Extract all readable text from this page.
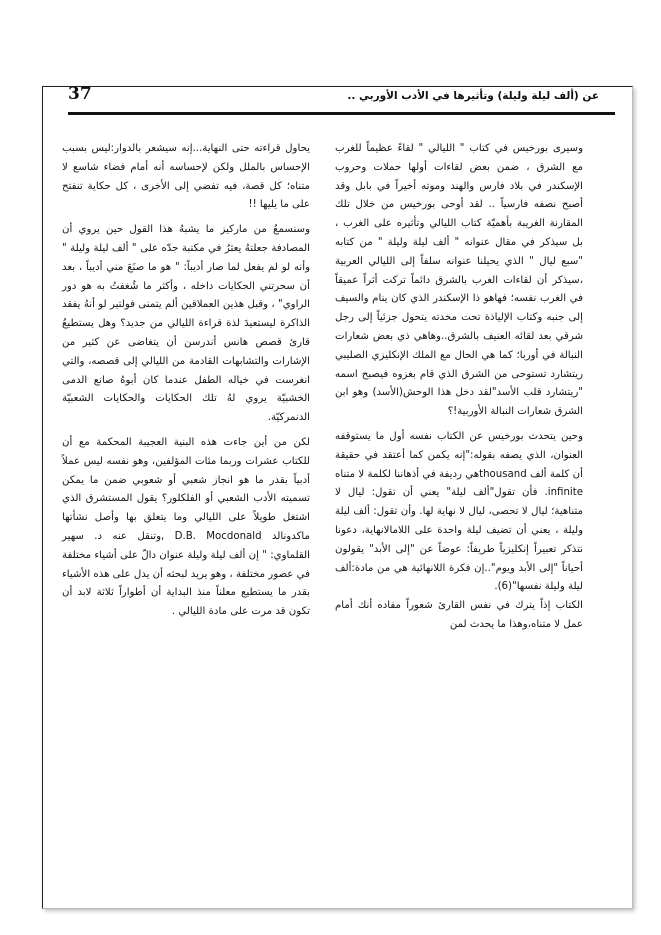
37	عن (ألف ليلة وليلة) وتأثيرها في الأدب الأوربي ..

وسيرى بورخيس في كتاب " الليالي " لقاءً عظيماً للغرب مع الشرق ، ضمن بعض لقاءات أولها حملات وحروب الإسكندر في بلاد فارس والهند وموته أخيراً في بابل وقد أصبح نصفه فارسياً .. لقد أوحى بورخيس من خلال تلك المقارنة الغريبة بأهميّة كتاب الليالي وتأثيره على الغرب ، بل سيذكر في مقال عنوانه " ألف ليلة وليلة " من كتابه "سبع ليال " الذي يحيلنا عنوانه سلفاً إلى الليالي العربية ،سيذكر أن لقاءات الغرب بالشرق دائماً تركت أثراً عميقاً في الغرب نفسه؛ فهاهو ذا الإسكندر الذي كان ينام والسيف إلى جنبه وكتاب الإلياذة تحت مخدته يتحول جزئياً إلى رجل شرقي بعد لقائه العنيف بالشرق..وهاهي ذي بعض شعارات النبالة في أوربا؛ كما هي الحال مع الملك الإنكليزي الصليبي ريتشارد تستوحى من الشرق الذي قام بغزوه فيصبح اسمه "ريتشارد قلب الأسد"لقد دخل هذا الوحش(الأسد) وهو ابن الشرق شعارات النبالة الأوربية!؟

وحين يتحدث بورخيس عن الكتاب نفسه أول ما يستوقفه العنوان، الذي يصفه بقوله:"إنه يكمن كما أعتقد في حقيقة أن كلمة ألف thousandهي رديفة في أذهاننا لكلمة لا متناه infinite. فأن تقول"ألف ليلة" يعني أن تقول: ليال لا متناهية؛ ليال لا تحصى، ليال لا نهاية لها. وأن تقول: ألف ليلة وليلة ، يعني أن تضيف ليلة واحدة على اللامالانهاية، دعونا نتذكر تعبيراً إنكليزياً طريفاً: عوضاً عن "إلى الأبد" يقولون أحياناً "إلى الأبد ويوم"..إن فكرة اللانهائية هي من مادة:ألف ليلة وليلة نفسها"(6).

الكتاب إذاً يترك في نفس القارئ شعوراً مفاده أنك أمام عمل لا متناه،وهذا ما يحدث لمن

يحاول قراءته حتى النهاية...إنه سيشعر بالدوار:ليس بسبب الإحساس بالملل ولكن لإحساسه أنه أمام فضاء شاسع لا متناه؛ كل قصة، فيه تفضي إلى الأخرى ، كل حكاية تنفتح على ما يليها !!

وسنسمعُ من ماركيز ما يشبهُ هذا القول حين يروي أن المصادفة جعلتهُ يعثرُ في مكتبة جدّه على " ألف ليلة وليلة " وأنه لو لم يفعل لما صار أديباً: " هو ما صنَعَ مني أديباً ، بعد أن سحرتني الحكايات داخله ، وأكثر ما شُغفتُ به هو دور الراوي" ، وقبل هذين العملاقين ألم يتمنى فولتير لو أنهُ يفقد الذاكرة ليستعيدَ لذة قراءة الليالي من جديد؟ وهل يستطيعُ قارئ قصص هانس أندرسن أن يتغاضى عن كثير من الإشارات والتشابهات القادمة من الليالي إلى قصصه، والتي انغرست في خياله الطفل عندما كان أبوهُ صانع الدمى الخشبيّة يروي لهُ تلك الحكايات والحكايات الشعبيّة الدنمركيّة.

لكن من أين جاءت هذه البنية العجيبة المحكمة مع أن للكتاب عشرات وربما مئات المؤلفين، وهو نفسه ليس عملاً أدبياً بقدر ما هو انجاز شعبي أو شعوبي ضمن ما يمكن تسميته الأدب الشعبي أو الفلكلور؟ يقول المستشرق الذي اشتغل طويلاً على الليالي وما يتعلق بها وأصل نشأتها ماكدونالد D.B. Mocdonald ,وتنقل عنه د. سهير القلماوي: " إن ألف ليلة وليلة عنوان دالّ على أشياء مختلفة في عصور مختلفة ، وهو يريد لبحثه أن يدل على هذه الأشياء بقدر ما يستطيع معلناً منذ البداية أن أطواراً ثلاثة لابد أن تكون قد مرت على مادة الليالي .
